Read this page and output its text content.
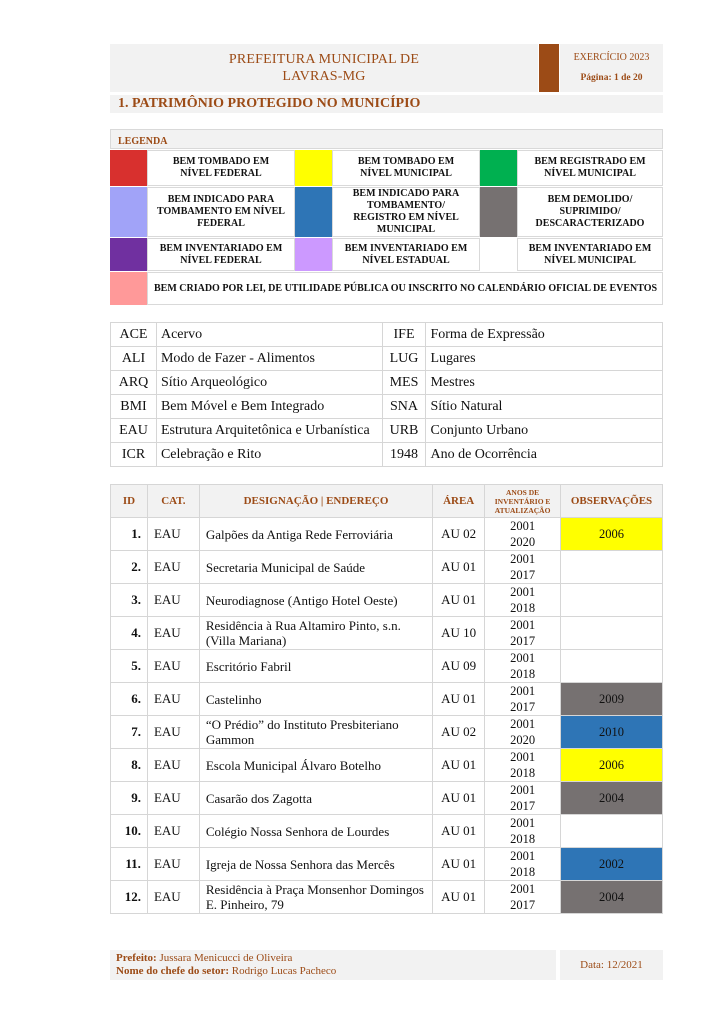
PREFEITURA MUNICIPAL DE
LAVRAS-MG
EXERCÍCIO 2023
Página: 1 de 20
1. PATRIMÔNIO PROTEGIDO NO MUNICÍPIO
LEGENDA
BEM TOMBADO EM NÍVEL FEDERAL
BEM TOMBADO EM NÍVEL MUNICIPAL
BEM REGISTRADO EM NÍVEL MUNICIPAL
BEM INDICADO PARA TOMBAMENTO EM NÍVEL FEDERAL
BEM INDICADO PARA TOMBAMENTO/ REGISTRO EM NÍVEL MUNICIPAL
BEM DEMOLIDO/ SUPRIMIDO/ DESCARACTERIZADO
BEM INVENTARIADO EM NÍVEL FEDERAL
BEM INVENTARIADO EM NÍVEL ESTADUAL
BEM INVENTARIADO EM NÍVEL MUNICIPAL
BEM CRIADO POR LEI, DE UTILIDADE PÚBLICA OU INSCRITO NO CALENDÁRIO OFICIAL DE EVENTOS
ACE	Acervo	IFE	Forma de Expressão
ALI	Modo de Fazer - Alimentos	LUG	Lugares
ARQ	Sítio Arqueológico	MES	Mestres
BMI	Bem Móvel e Bem Integrado	SNA	Sítio Natural
EAU	Estrutura Arquitetônica e Urbanística	URB	Conjunto Urbano
ICR	Celebração e Rito	1948	Ano de Ocorrência
ID	CAT.	DESIGNAÇÃO | ENDEREÇO	ÁREA	ANOS DE INVENTÁRIO E ATUALIZAÇÃO	OBSERVAÇÕES
1.	EAU	Galpões da Antiga Rede Ferroviária	AU 02	2001
2020	2006
2.	EAU	Secretaria Municipal de Saúde	AU 01	2001
2017	

3.	EAU	Neurodiagnose (Antigo Hotel Oeste)	AU 01	2001
2018	

4.	EAU	Residência à Rua Altamiro Pinto, s.n. (Villa Mariana)	AU 10	2001
2017	

5.	EAU	Escritório Fabril	AU 09	2001
2018	

6.	EAU	Castelinho	AU 01	2001
2017	2009
7.	EAU	“O Prédio” do Instituto Presbiteriano Gammon	AU 02	2001
2020	2010
8.	EAU	Escola Municipal Álvaro Botelho	AU 01	2001
2018	2006
9.	EAU	Casarão dos Zagotta	AU 01	2001
2017	2004
10.	EAU	Colégio Nossa Senhora de Lourdes	AU 01	2001
2018	

11.	EAU	Igreja de Nossa Senhora das Mercês	AU 01	2001
2018	2002
12.	EAU	Residência à Praça Monsenhor Domingos E. Pinheiro, 79	AU 01	2001
2017	2004
Prefeito: Jussara Menicucci de Oliveira
Nome do chefe do setor: Rodrigo Lucas Pacheco	Data: 12/2021
